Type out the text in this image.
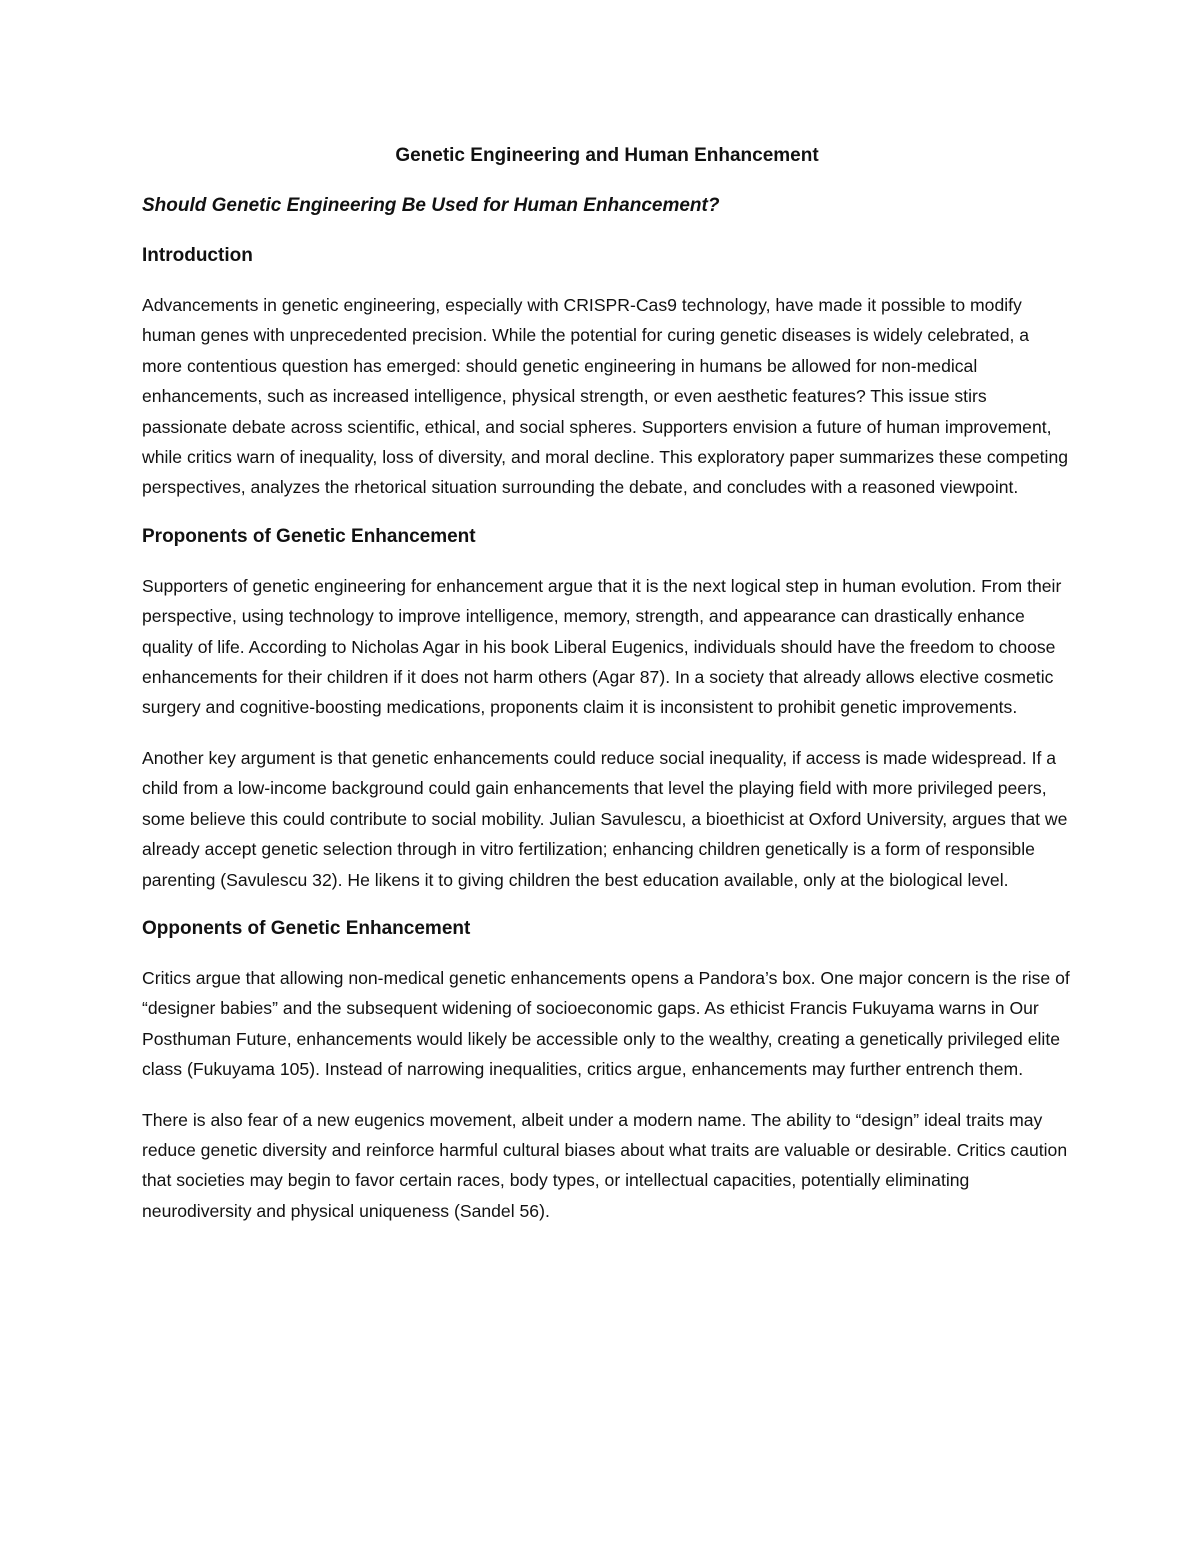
Genetic Engineering and Human Enhancement
Should Genetic Engineering Be Used for Human Enhancement?
Introduction
Advancements in genetic engineering, especially with CRISPR-Cas9 technology, have made it possible to modify human genes with unprecedented precision. While the potential for curing genetic diseases is widely celebrated, a more contentious question has emerged: should genetic engineering in humans be allowed for non-medical enhancements, such as increased intelligence, physical strength, or even aesthetic features? This issue stirs passionate debate across scientific, ethical, and social spheres. Supporters envision a future of human improvement, while critics warn of inequality, loss of diversity, and moral decline. This exploratory paper summarizes these competing perspectives, analyzes the rhetorical situation surrounding the debate, and concludes with a reasoned viewpoint.
Proponents of Genetic Enhancement
Supporters of genetic engineering for enhancement argue that it is the next logical step in human evolution. From their perspective, using technology to improve intelligence, memory, strength, and appearance can drastically enhance quality of life. According to Nicholas Agar in his book Liberal Eugenics, individuals should have the freedom to choose enhancements for their children if it does not harm others (Agar 87). In a society that already allows elective cosmetic surgery and cognitive-boosting medications, proponents claim it is inconsistent to prohibit genetic improvements.
Another key argument is that genetic enhancements could reduce social inequality, if access is made widespread. If a child from a low-income background could gain enhancements that level the playing field with more privileged peers, some believe this could contribute to social mobility. Julian Savulescu, a bioethicist at Oxford University, argues that we already accept genetic selection through in vitro fertilization; enhancing children genetically is a form of responsible parenting (Savulescu 32). He likens it to giving children the best education available, only at the biological level.
Opponents of Genetic Enhancement
Critics argue that allowing non-medical genetic enhancements opens a Pandora’s box. One major concern is the rise of “designer babies” and the subsequent widening of socioeconomic gaps. As ethicist Francis Fukuyama warns in Our Posthuman Future, enhancements would likely be accessible only to the wealthy, creating a genetically privileged elite class (Fukuyama 105). Instead of narrowing inequalities, critics argue, enhancements may further entrench them.
There is also fear of a new eugenics movement, albeit under a modern name. The ability to “design” ideal traits may reduce genetic diversity and reinforce harmful cultural biases about what traits are valuable or desirable. Critics caution that societies may begin to favor certain races, body types, or intellectual capacities, potentially eliminating neurodiversity and physical uniqueness (Sandel 56).
